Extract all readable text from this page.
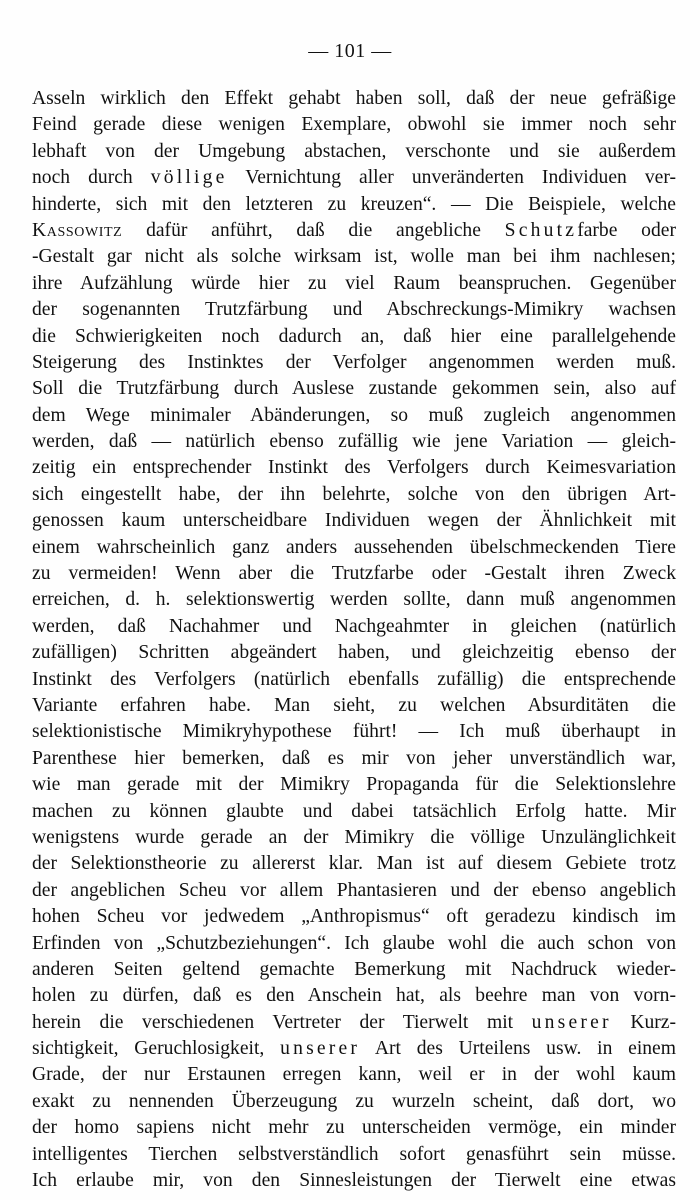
— 101 —
Asseln wirklich den Effekt gehabt haben soll, daß der neue gefräßige
Feind gerade diese wenigen Exemplare, obwohl sie immer noch sehr
lebhaft von der Umgebung abstachen, verschonte und sie außerdem
noch durch völlige Vernichtung aller unveränderten Individuen ver-
hinderte, sich mit den letzteren zu kreuzen“. — Die Beispiele, welche
Kassowitz dafür anführt, daß die angebliche Schutzfarbe oder
-Gestalt gar nicht als solche wirksam ist, wolle man bei ihm nachlesen;
ihre Aufzählung würde hier zu viel Raum beanspruchen. Gegenüber
der sogenannten Trutzfärbung und Abschreckungs-Mimikry wachsen
die Schwierigkeiten noch dadurch an, daß hier eine parallelgehende
Steigerung des Instinktes der Verfolger angenommen werden muß.
Soll die Trutzfärbung durch Auslese zustande gekommen sein, also auf
dem Wege minimaler Abänderungen, so muß zugleich angenommen
werden, daß — natürlich ebenso zufällig wie jene Variation — gleich-
zeitig ein entsprechender Instinkt des Verfolgers durch Keimesvariation
sich eingestellt habe, der ihn belehrte, solche von den übrigen Art-
genossen kaum unterscheidbare Individuen wegen der Ähnlichkeit mit
einem wahrscheinlich ganz anders aussehenden übelschmeckenden Tiere
zu vermeiden! Wenn aber die Trutzfarbe oder -Gestalt ihren Zweck
erreichen, d. h. selektionswertig werden sollte, dann muß angenommen
werden, daß Nachahmer und Nachgeahmter in gleichen (natürlich
zufälligen) Schritten abgeändert haben, und gleichzeitig ebenso der
Instinkt des Verfolgers (natürlich ebenfalls zufällig) die entsprechende
Variante erfahren habe. Man sieht, zu welchen Absurditäten die
selektionistische Mimikryhypothese führt! — Ich muß überhaupt in
Parenthese hier bemerken, daß es mir von jeher unverständlich war,
wie man gerade mit der Mimikry Propaganda für die Selektionslehre
machen zu können glaubte und dabei tatsächlich Erfolg hatte. Mir
wenigstens wurde gerade an der Mimikry die völlige Unzulänglichkeit
der Selektionstheorie zu allererst klar. Man ist auf diesem Gebiete trotz
der angeblichen Scheu vor allem Phantasieren und der ebenso angeblich
hohen Scheu vor jedwedem „Anthropismus“ oft geradezu kindisch im
Erfinden von „Schutzbeziehungen“. Ich glaube wohl die auch schon von
anderen Seiten geltend gemachte Bemerkung mit Nachdruck wieder-
holen zu dürfen, daß es den Anschein hat, als beehre man von vorn-
herein die verschiedenen Vertreter der Tierwelt mit unserer Kurz-
sichtigkeit, Geruchlosigkeit, unserer Art des Urteilens usw. in einem
Grade, der nur Erstaunen erregen kann, weil er in der wohl kaum
exakt zu nennenden Überzeugung zu wurzeln scheint, daß dort, wo
der homo sapiens nicht mehr zu unterscheiden vermöge, ein minder
intelligentes Tierchen selbstverständlich sofort genasführt sein müsse.
Ich erlaube mir, von den Sinnesleistungen der Tierwelt eine etwas
